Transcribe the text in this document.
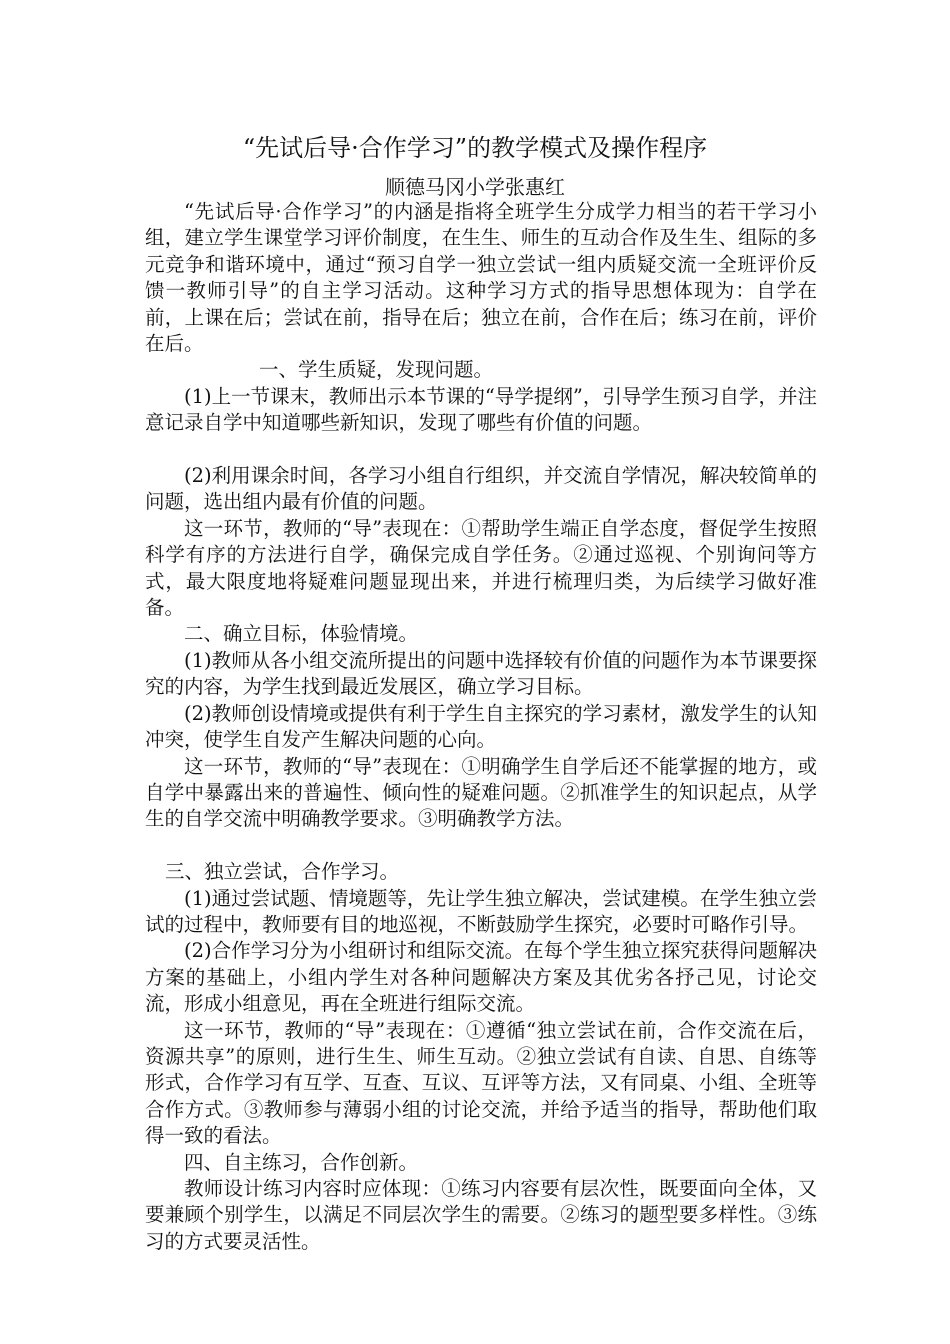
“先试后导·合作学习”的教学模式及操作程序

顺德马冈小学张惠红

“先试后导·合作学习”的内涵是指将全班学生分成学力相当的若干学习小组，建立学生课堂学习评价制度，在生生、师生的互动合作及生生、组际的多元竞争和谐环境中，通过“预习自学一独立尝试一组内质疑交流一全班评价反馈一教师引导”的自主学习活动。这种学习方式的指导思想体现为：自学在前，上课在后；尝试在前，指导在后；独立在前，合作在后；练习在前，评价在后。

一、学生质疑，发现问题。

(1)上一节课末，教师出示本节课的“导学提纲”，引导学生预习自学，并注意记录自学中知道哪些新知识，发现了哪些有价值的问题。

(2)利用课余时间，各学习小组自行组织，并交流自学情况，解决较简单的问题，选出组内最有价值的问题。

这一环节，教师的“导”表现在：①帮助学生端正自学态度，督促学生按照科学有序的方法进行自学，确保完成自学任务。②通过巡视、个别询问等方式，最大限度地将疑难问题显现出来，并进行梳理归类，为后续学习做好准备。

二、确立目标，体验情境。

(1)教师从各小组交流所提出的问题中选择较有价值的问题作为本节课要探究的内容，为学生找到最近发展区，确立学习目标。

(2)教师创设情境或提供有利于学生自主探究的学习素材，激发学生的认知冲突，使学生自发产生解决问题的心向。

这一环节，教师的“导”表现在：①明确学生自学后还不能掌握的地方，或自学中暴露出来的普遍性、倾向性的疑难问题。②抓准学生的知识起点，从学生的自学交流中明确教学要求。③明确教学方法。

三、独立尝试，合作学习。

(1)通过尝试题、情境题等，先让学生独立解决，尝试建模。在学生独立尝试的过程中，教师要有目的地巡视，不断鼓励学生探究，必要时可略作引导。

(2)合作学习分为小组研讨和组际交流。在每个学生独立探究获得问题解决方案的基础上，小组内学生对各种问题解决方案及其优劣各抒己见，讨论交流，形成小组意见，再在全班进行组际交流。

这一环节，教师的“导”表现在：①遵循“独立尝试在前，合作交流在后，资源共享”的原则，进行生生、师生互动。②独立尝试有自读、自思、自练等形式，合作学习有互学、互查、互议、互评等方法，又有同桌、小组、全班等合作方式。③教师参与薄弱小组的讨论交流，并给予适当的指导，帮助他们取得一致的看法。

四、自主练习，合作创新。

教师设计练习内容时应体现：①练习内容要有层次性，既要面向全体，又要兼顾个别学生，以满足不同层次学生的需要。②练习的题型要多样性。③练习的方式要灵活性。
